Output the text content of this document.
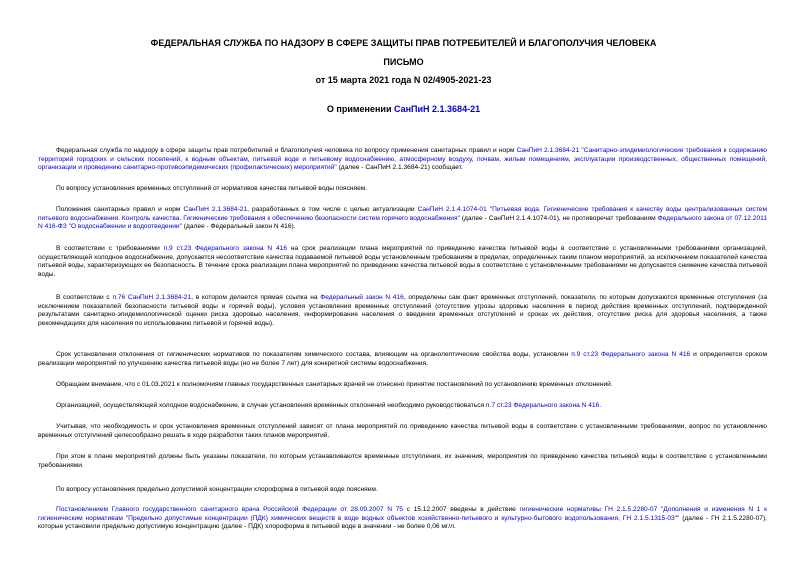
ФЕДЕРАЛЬНАЯ СЛУЖБА ПО НАДЗОРУ В СФЕРЕ ЗАЩИТЫ ПРАВ ПОТРЕБИТЕЛЕЙ И БЛАГОПОЛУЧИЯ ЧЕЛОВЕКА
ПИСЬМО
от 15 марта 2021 года N 02/4905-2021-23
О применении СанПиН 2.1.3684-21
Федеральная служба по надзору в сфере защиты прав потребителей и благополучия человека по вопросу применения санитарных правил и норм СанПиН 2.1.3684-21 "Санитарно-эпидемиологические требования к содержанию территорий городских и сельских поселений, к водным объектам, питьевой воде и питьевому водоснабжению, атмосферному воздуху, почвам, жилым помещениям, эксплуатации производственных, общественных помещений, организации и проведению санитарно-противоэпидемических (профилактических) мероприятий" (далее - СанПиН 2.1.3684-21) сообщает.
По вопросу установления временных отступлений от нормативов качества питьевой воды поясняем.
Положения санитарных правил и норм СанПиН 2.1.3684-21, разработанных в том числе с целью актуализации СанПиН 2.1.4.1074-01 "Питьевая вода. Гигиенические требования к качеству воды централизованных систем питьевого водоснабжения. Контроль качества. Гигиенические требования к обеспечению безопасности систем горячего водоснабжения" (далее - СанПиН 2.1.4.1074-01), не противоречат требованиям Федерального закона от 07.12.2011 N 416-ФЗ "О водоснабжении и водоотведении" (далее - Федеральный закон N 416).
В соответствии с требованиями п.9 ст.23 Федерального закона N 416 на срок реализации плана мероприятий по приведению качества питьевой воды в соответствие с установленными требованиями организацией, осуществляющей холодное водоснабжение, допускается несоответствие качества подаваемой питьевой воды установленным требованиям в пределах, определенных таким планом мероприятий, за исключением показателей качества питьевой воды, характеризующих ее безопасность. В течение срока реализации плана мероприятий по приведению качества питьевой воды в соответствие с установленными требованиями не допускается снижение качества питьевой воды.
В соответствии с п.76 СанПиН 2.1.3684-21, в котором делается прямая ссылка на Федеральный закон N 416, определены сам факт временных отступлений, показатели, по которым допускаются временные отступления (за исключением показателей безопасности питьевой воды и горячей воды), условия установления временных отступлений (отсутствие угрозы здоровью населения в период действия временных отступлений, подтвержденной результатами санитарно-эпидемиологической оценки риска здоровью населения, информирование населения о введении временных отступлений и сроках их действия, отсутствие риска для здоровья населения, а также рекомендациях для населения по использованию питьевой и горячей воды).
Срок установления отклонения от гигиенических нормативов по показателям химического состава, влияющим на органолептические свойства воды, установлен п.9 ст.23 Федерального закона N 416 и определяется сроком реализации мероприятий по улучшению качества питьевой воды (но не более 7 лет) для конкретной системы водоснабжения.
Обращаем внимание, что с 01.03.2021 к полномочиям главных государственных санитарных врачей не отнесено принятие постановлений по установлению временных отклонений.
Организацией, осуществляющей холодное водоснабжение, в случае установления временных отклонений необходимо руководствоваться п.7 ст.23 Федерального закона N 416.
Учитывая, что необходимость и срок установления временных отступлений зависят от плана мероприятий по приведению качества питьевой воды в соответствие с установленными требованиями, вопрос по установлению временных отступлений целесообразно решать в ходе разработки таких планов мероприятий.
При этом в плане мероприятий должны быть указаны показатели, по которым устанавливаются временные отступления, их значения, мероприятия по приведению качества питьевой воды в соответствие с установленными требованиями.
По вопросу установления предельно допустимой концентрации хлороформа в питьевой воде поясняем.
Постановлением Главного государственного санитарного врача Российской Федерации от 28.09.2007 N 75 с 15.12.2007 введены в действие гигиенические нормативы ГН 2.1.5.2280-07 "Дополнения и изменения N 1 к гигиеническим нормативам "Предельно допустимые концентрации (ПДК) химических веществ в воде водных объектов хозяйственно-питьевого и культурно-бытового водопользования, ГН 2.1.5.1315-03"" (далее - ГН 2.1.5.2280-07), которые установили предельно допустимую концентрацию (далее - ПДК) хлороформа в питьевой воде в значении - не более 0,06 мг/л.
